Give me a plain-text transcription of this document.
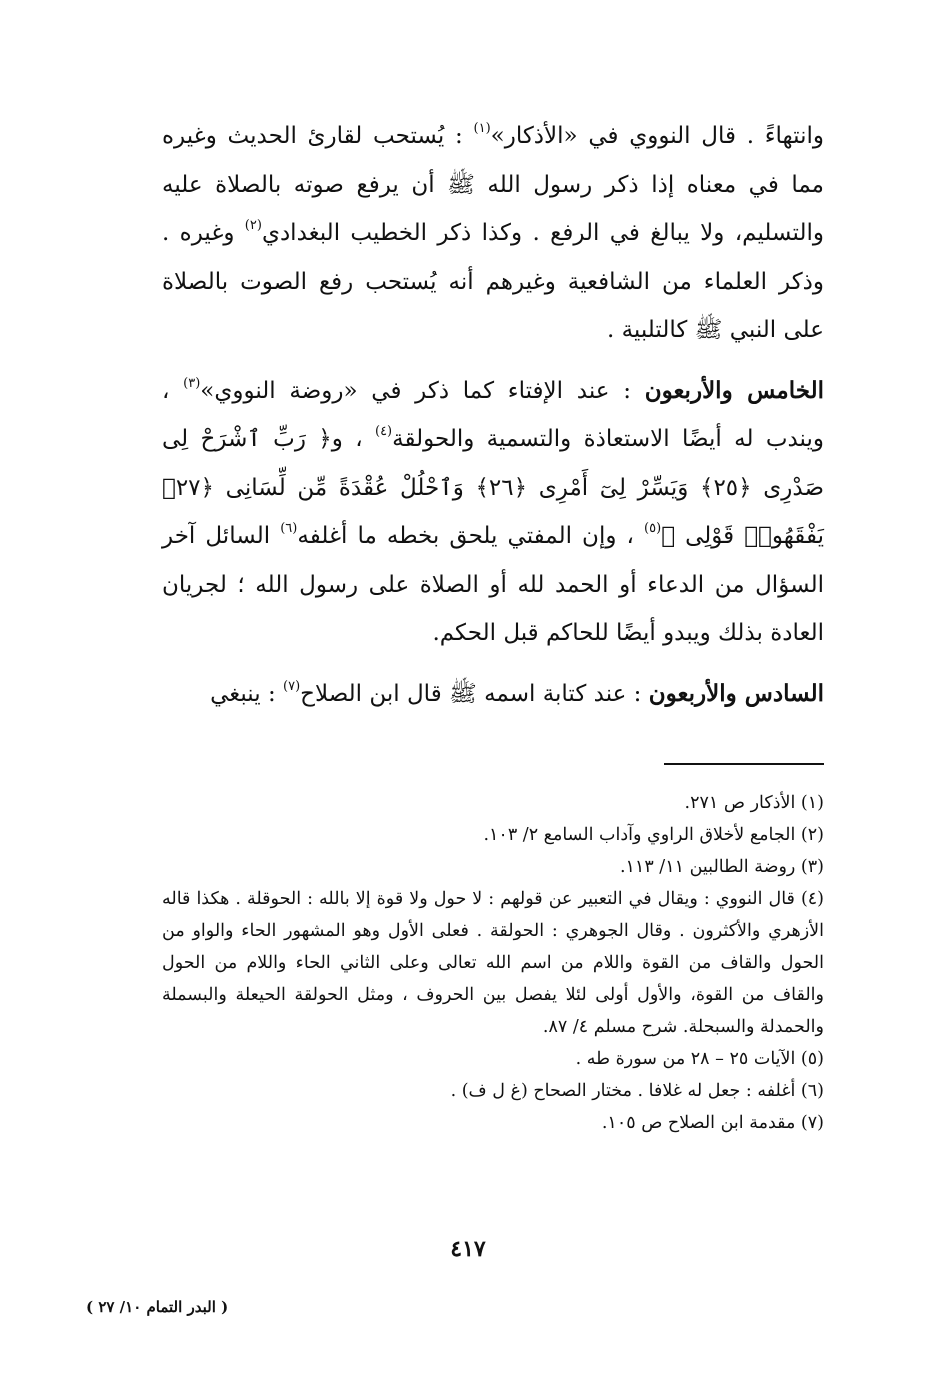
وانتهاءً . قال النووي في «الأذكار»$^{(١)}$ : يُستحب لقارئ الحديث وغيره مما في معناه إذا ذكر رسول الله ﷺ أن يرفع صوته بالصلاة عليه والتسليم، ولا يبالغ في الرفع . وكذا ذكر الخطيب البغدادي$^{(٢)}$ وغيره . وذكر العلماء من الشافعية وغيرهم أنه يُستحب رفع الصوت بالصلاة على النبي ﷺ كالتلبية .

الخامس والأربعون : عند الإفتاء كما ذكر في «روضة النووي»$^{(٣)}$ ، ويندب له أيضًا الاستعاذة والتسمية والحولقة$^{(٤)}$ ، و﴿ رَبِّ ٱشْرَحْ لِى صَدْرِى ﴿٢٥﴾ وَيَسِّرْ لِىٓ أَمْرِى ﴿٢٦﴾ وَٱحْلُلْ عُقْدَةً مِّن لِّسَانِى ﴿٢٧﴾ يَفْقَهُوا۟ قَوْلِى ﴾$^{(٥)}$ ، وإن المفتي يلحق بخطه ما أغلفه$^{(٦)}$ السائل آخر السؤال من الدعاء أو الحمد لله أو الصلاة على رسول الله ؛ لجريان العادة بذلك ويبدو أيضًا للحاكم قبل الحكم.

السادس والأربعون : عند كتابة اسمه ﷺ قال ابن الصلاح$^{(٧)}$ : ينبغي

(١) الأذكار ص ٢٧١.
(٢) الجامع لأخلاق الراوي وآداب السامع ٢/ ١٠٣.
(٣) روضة الطالبين ١١/ ١١٣.
(٤) قال النووي : ويقال في التعبير عن قولهم : لا حول ولا قوة إلا بالله : الحوقلة . هكذا قاله الأزهري والأكثرون . وقال الجوهري : الحولقة . فعلى الأول وهو المشهور الحاء والواو من الحول والقاف من القوة واللام من اسم الله تعالى وعلى الثاني الحاء واللام من الحول والقاف من القوة، والأول أولى لئلا يفصل بين الحروف ، ومثل الحولقة الحيعلة والبسملة والحمدلة والسبحلة. شرح مسلم ٤/ ٨٧.
(٥) الآيات ٢٥ – ٢٨ من سورة طه .
(٦) أغلفه : جعل له غلافا . مختار الصحاح (غ ل ف) .
(٧) مقدمة ابن الصلاح ص ١٠٥.
٤١٧
( البدر التمام ١٠/ ٢٧ )
